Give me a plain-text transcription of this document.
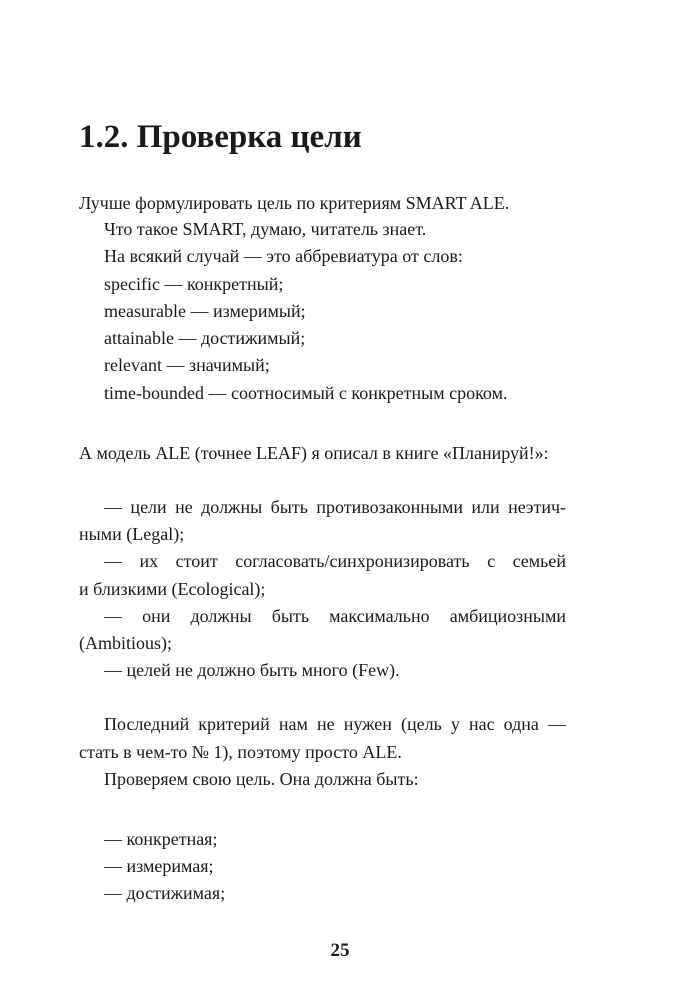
1.2. Проверка цели
Лучше формулировать цель по критериям SMART ALE.
Что такое SMART, думаю, читатель знает.
На всякий случай — это аббревиатура от слов:
specific — конкретный;
measurable — измеримый;
attainable — достижимый;
relevant — значимый;
time-bounded — соотносимый с конкретным сроком.
А модель ALE (точнее LEAF) я описал в книге «Планируй!»:
— цели не должны быть противозаконными или неэтич-
ными (Legal);
— их стоит согласовать/синхронизировать с семьей
и близкими (Ecological);
— они должны быть максимально амбициозными
(Ambitious);
— целей не должно быть много (Few).
Последний критерий нам не нужен (цель у нас одна —
стать в чем-то № 1), поэтому просто ALE.
Проверяем свою цель. Она должна быть:
— конкретная;
— измеримая;
— достижимая;
25
